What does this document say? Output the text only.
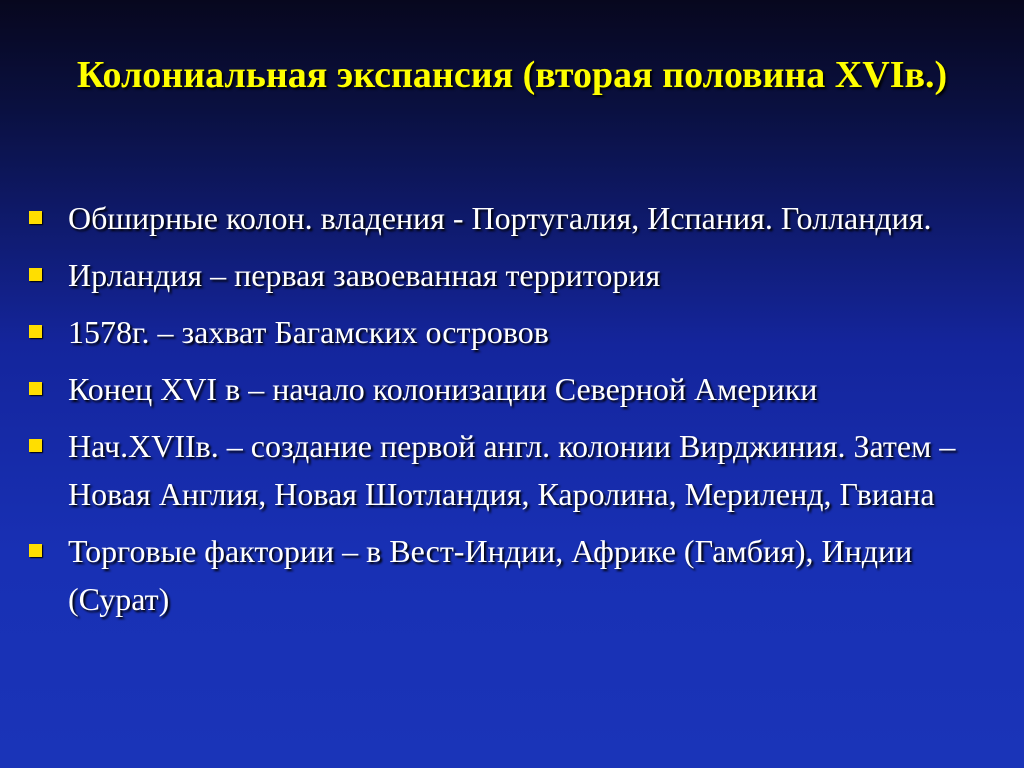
Колониальная экспансия (вторая половина XVIв.)
Обширные колон. владения - Португалия, Испания. Голландия.
Ирландия – первая завоеванная территория
1578г. – захват Багамских островов
Конец XVI в – начало колонизации Северной Америки
Нач.XVIIв. – создание первой англ. колонии Вирджиния. Затем – Новая Англия, Новая Шотландия, Каролина, Мериленд, Гвиана
Торговые фактории – в Вест-Индии, Африке (Гамбия), Индии (Сурат)
